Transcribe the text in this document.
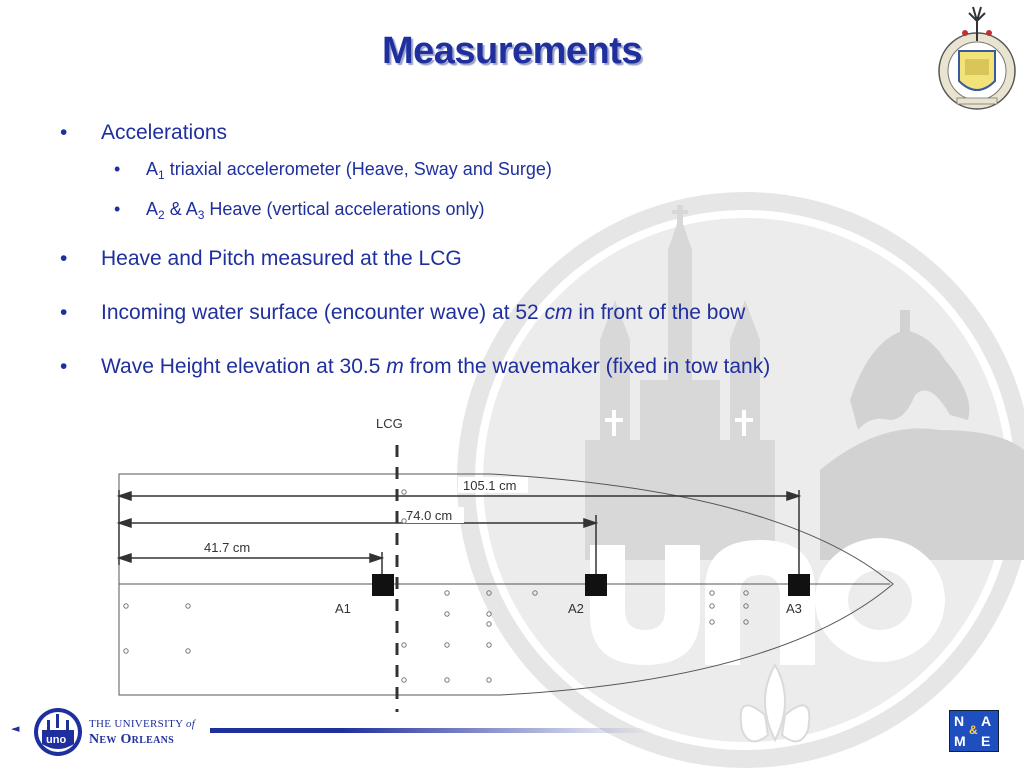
Measurements
• Accelerations
• $A_1$ triaxial accelerometer (Heave, Sway and Surge)
• $A_2$ & $A_3$ Heave (vertical accelerations only)
• Heave and Pitch measured at the LCG
• Incoming water surface (encounter wave) at 52 cm in front of the bow
• Wave Height elevation at 30.5 m from the wavemaker (fixed in tow tank)
LCG
105.1 cm
74.0 cm
41.7 cm
A1	A2	A3
◄
uno
THE UNIVERSITY of
New Orleans
N A
&
M E
